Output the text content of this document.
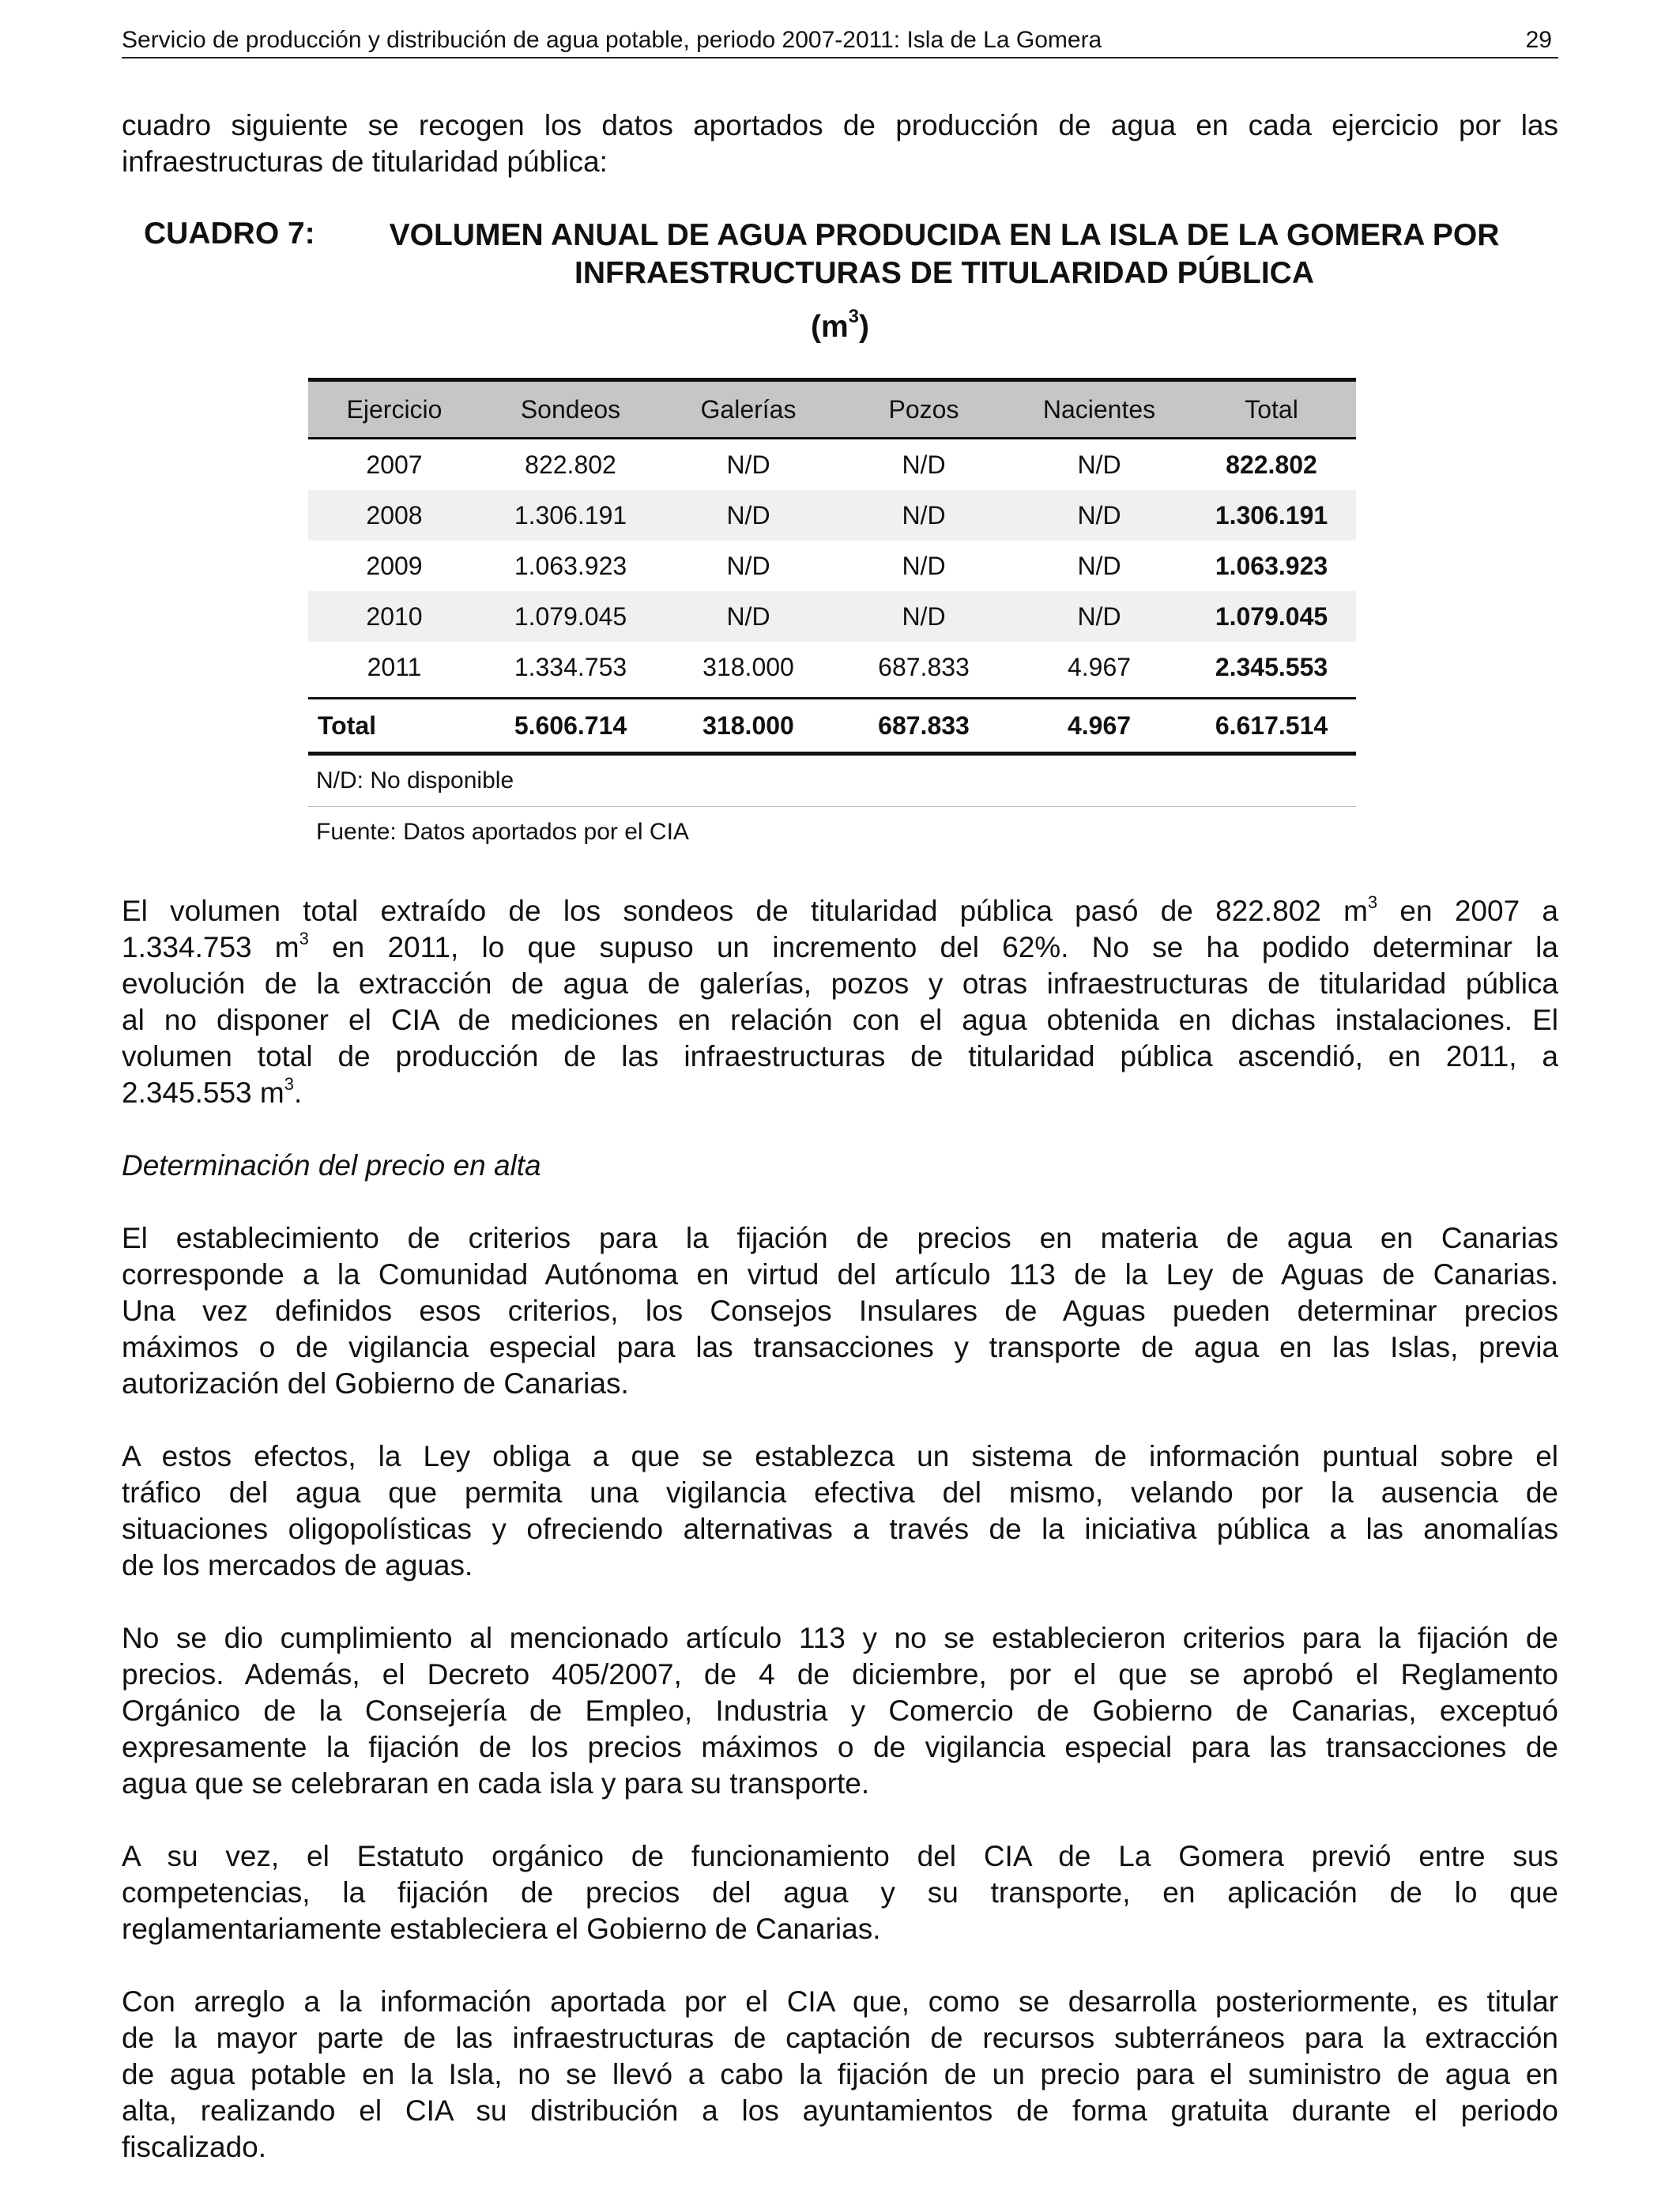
Servicio de producción y distribución de agua potable, periodo 2007-2011: Isla de La Gomera	29
cuadro siguiente se recogen los datos aportados de producción de agua en cada ejercicio por las
infraestructuras de titularidad pública:
CUADRO 7:	VOLUMEN ANUAL DE AGUA PRODUCIDA EN LA ISLA DE LA GOMERA POR
INFRAESTRUCTURAS DE TITULARIDAD PÚBLICA
$(m^3)$
Ejercicio	Sondeos	Galerías	Pozos	Nacientes	Total
2007	822.802	N/D	N/D	N/D	822.802
2008	1.306.191	N/D	N/D	N/D	1.306.191
2009	1.063.923	N/D	N/D	N/D	1.063.923
2010	1.079.045	N/D	N/D	N/D	1.079.045
2011	1.334.753	318.000	687.833	4.967	2.345.553
Total	5.606.714	318.000	687.833	4.967	6.617.514
N/D: No disponible
Fuente: Datos aportados por el CIA
El volumen total extraído de los sondeos de titularidad pública pasó de 822.802 $m^3$ en 2007 a
1.334.753 $m^3$ en 2011, lo que supuso un incremento del 62%. No se ha podido determinar la
evolución de la extracción de agua de galerías, pozos y otras infraestructuras de titularidad pública
al no disponer el CIA de mediciones en relación con el agua obtenida en dichas instalaciones. El
volumen total de producción de las infraestructuras de titularidad pública ascendió, en 2011, a
2.345.553 $m^3$.
Determinación del precio en alta
El establecimiento de criterios para la fijación de precios en materia de agua en Canarias
corresponde a la Comunidad Autónoma en virtud del artículo 113 de la Ley de Aguas de Canarias.
Una vez definidos esos criterios, los Consejos Insulares de Aguas pueden determinar precios
máximos o de vigilancia especial para las transacciones y transporte de agua en las Islas, previa
autorización del Gobierno de Canarias.
A estos efectos, la Ley obliga a que se establezca un sistema de información puntual sobre el
tráfico del agua que permita una vigilancia efectiva del mismo, velando por la ausencia de
situaciones oligopolísticas y ofreciendo alternativas a través de la iniciativa pública a las anomalías
de los mercados de aguas.
No se dio cumplimiento al mencionado artículo 113 y no se establecieron criterios para la fijación de
precios. Además, el Decreto 405/2007, de 4 de diciembre, por el que se aprobó el Reglamento
Orgánico de la Consejería de Empleo, Industria y Comercio de Gobierno de Canarias, exceptuó
expresamente la fijación de los precios máximos o de vigilancia especial para las transacciones de
agua que se celebraran en cada isla y para su transporte.
A su vez, el Estatuto orgánico de funcionamiento del CIA de La Gomera previó entre sus
competencias, la fijación de precios del agua y su transporte, en aplicación de lo que
reglamentariamente estableciera el Gobierno de Canarias.
Con arreglo a la información aportada por el CIA que, como se desarrolla posteriormente, es titular
de la mayor parte de las infraestructuras de captación de recursos subterráneos para la extracción
de agua potable en la Isla, no se llevó a cabo la fijación de un precio para el suministro de agua en
alta, realizando el CIA su distribución a los ayuntamientos de forma gratuita durante el periodo
fiscalizado.
